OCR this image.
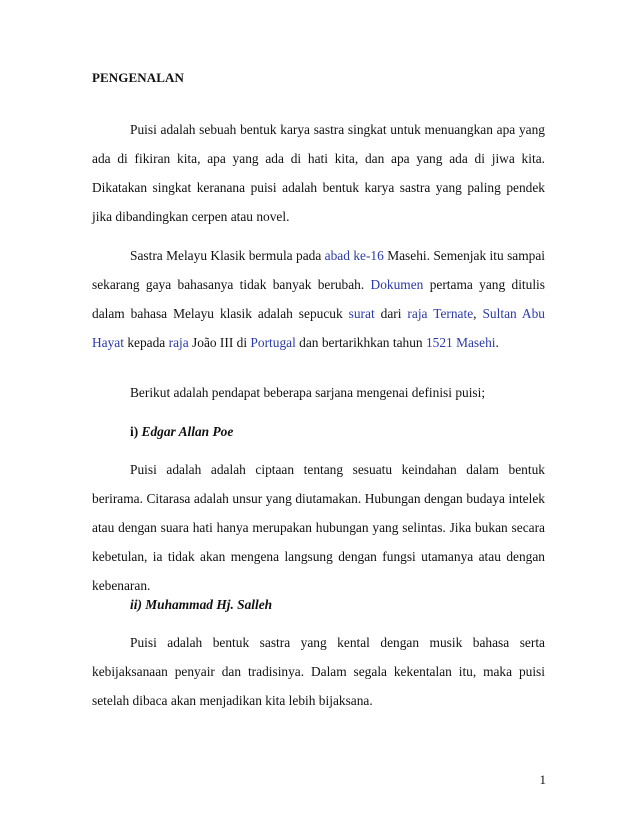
PENGENALAN

Puisi adalah sebuah bentuk karya sastra singkat untuk menuangkan apa yang ada di fikiran kita, apa yang ada di hati kita, dan apa yang ada di jiwa kita. Dikatakan singkat keranana puisi adalah bentuk karya sastra yang paling pendek jika dibandingkan cerpen atau novel.

Sastra Melayu Klasik bermula pada abad ke-16 Masehi. Semenjak itu sampai sekarang gaya bahasanya tidak banyak berubah. Dokumen pertama yang ditulis dalam bahasa Melayu klasik adalah sepucuk surat dari raja Ternate, Sultan Abu Hayat kepada raja João III di Portugal dan bertarikhkan tahun 1521 Masehi.

Berikut adalah pendapat beberapa sarjana mengenai definisi puisi;

i) Edgar Allan Poe

Puisi adalah adalah ciptaan tentang sesuatu keindahan dalam bentuk berirama. Citarasa adalah unsur yang diutamakan. Hubungan dengan budaya intelek atau dengan suara hati hanya merupakan hubungan yang selintas. Jika bukan secara kebetulan, ia tidak akan mengena langsung dengan fungsi utamanya atau dengan kebenaran.

ii) Muhammad Hj. Salleh

Puisi adalah bentuk sastra yang kental dengan musik bahasa serta kebijaksanaan penyair dan tradisinya. Dalam segala kekentalan itu, maka puisi setelah dibaca akan menjadikan kita lebih bijaksana.

1
